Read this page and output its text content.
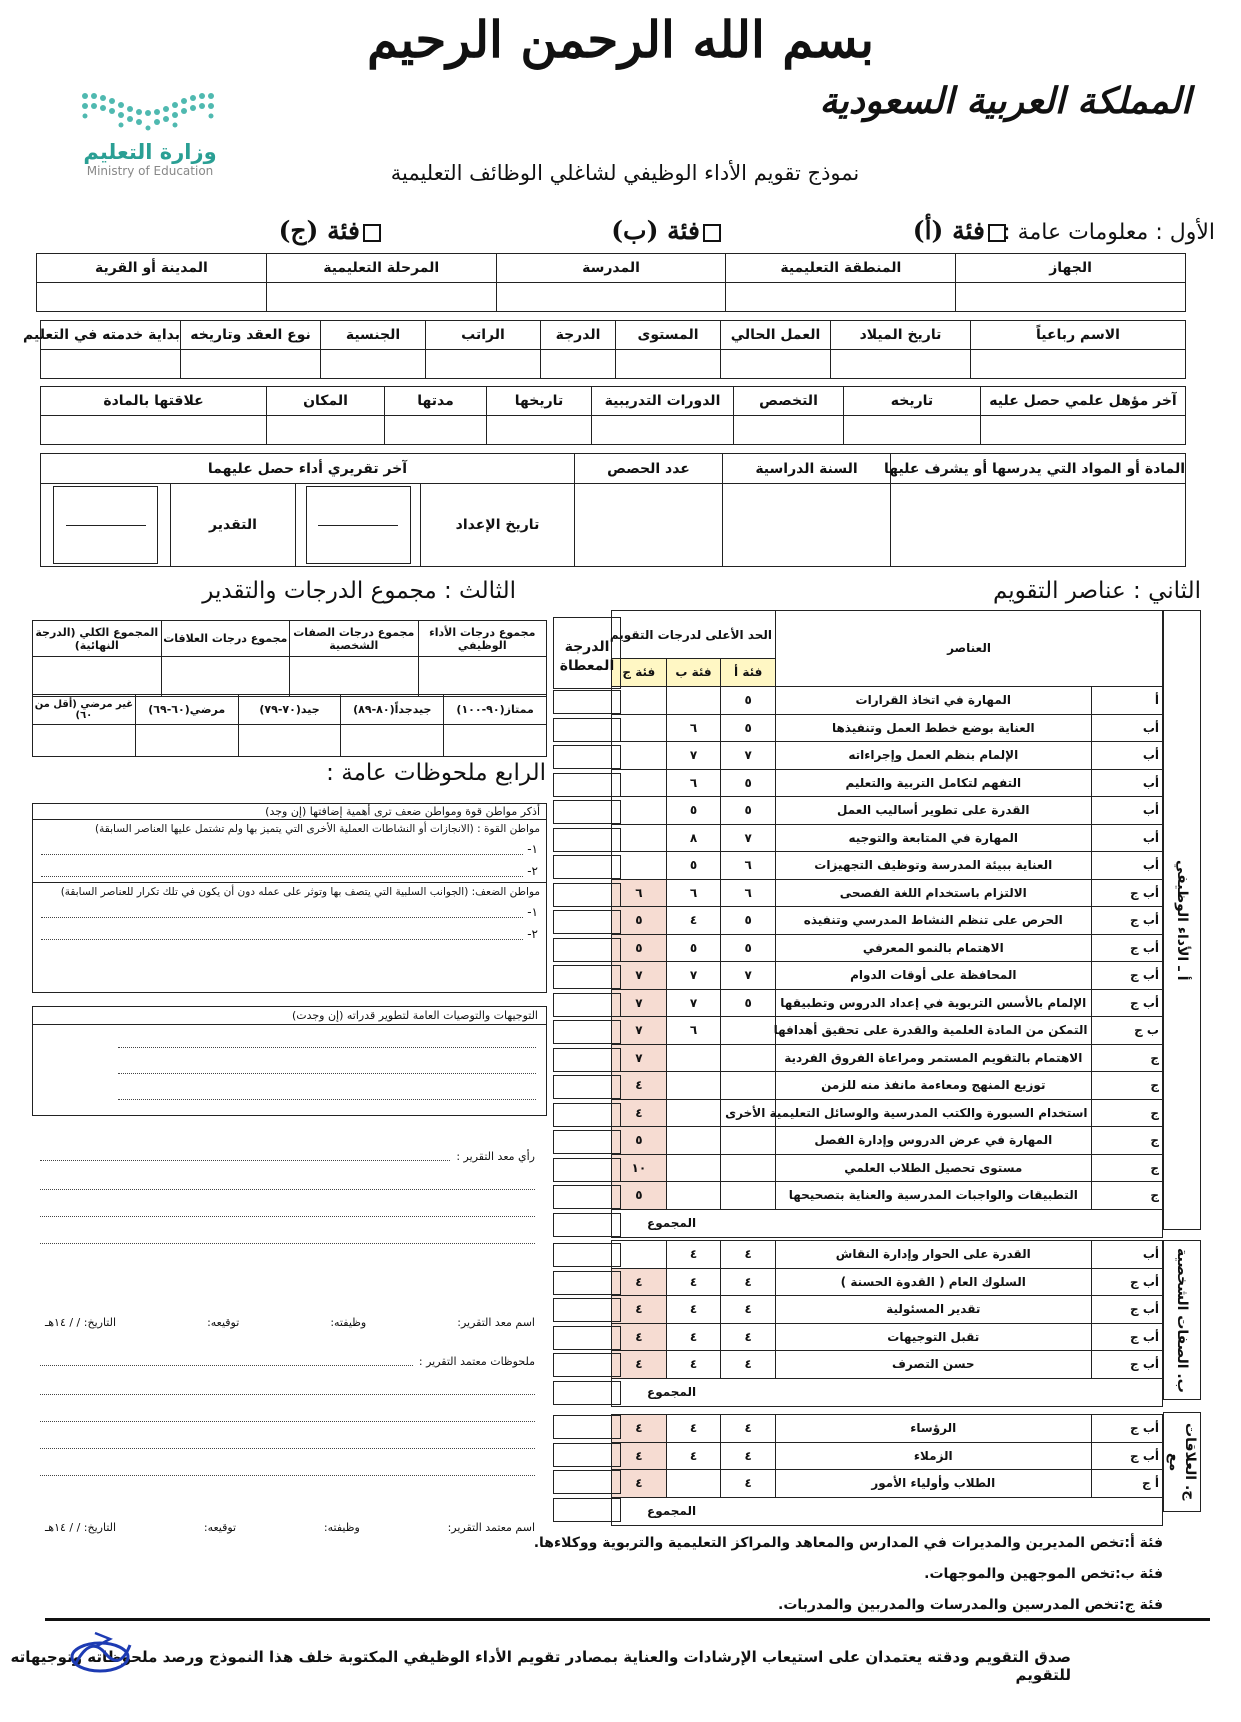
بسم الله الرحمن الرحيم
المملكة العربية السعودية
وزارة التعليم
Ministry of Education	نموذج تقويم الأداء الوظيفي لشاغلي الوظائف التعليمية
الأول : معلومات عامة :
فئة (أ)
فئة (ب)
فئة (ج)
الجهاز	المنطقة التعليمية	المدرسة	المرحلة التعليمية	المدينة أو القرية

الاسم رباعياً	تاريخ الميلاد	العمل الحالي	المستوى	الدرجة	الراتب	الجنسية	نوع العقد وتاريخه	بداية خدمته في التعليم

آخر مؤهل علمي حصل عليه	تاريخه	التخصص	الدورات التدريبية	تاريخها	مدتها	المكان	علاقتها بالمادة

المادة أو المواد التي يدرسها أو يشرف عليها	السنة الدراسية	عدد الحصص	آخر تقريري أداء حصل عليهما			
			تاريخ الإعداد		التقدير	
الثاني : عناصر التقويم
الثالث : مجموع الدرجات والتقدير
أ ـ الأداء الوظيفي
ب. الصفات الشخصية
ج. العلاقات مع
العناصر	الحد الأعلى لدرجات التقويم		
	فئة أ	فئة ب	فئة ج
أ	المهارة في اتخاذ القرارات	٥		
أب	العناية بوضع خطط العمل وتنفيذها	٥	٦	
أب	الإلمام بنظم العمل وإجراءاته	٧	٧	
أب	التفهم لتكامل التربية والتعليم	٥	٦	
أب	القدرة على تطوير أساليب العمل	٥	٥	
أب	المهارة في المتابعة والتوجيه	٧	٨	
أب	العناية ببيئة المدرسة وتوظيف التجهيزات	٦	٥	
أب ج	الالتزام باستخدام اللغة الفصحى	٦	٦	٦
أب ج	الحرص على تنظم النشاط المدرسي وتنفيذه	٥	٤	٥
أب ج	الاهتمام بالنمو المعرفي	٥	٥	٥
أب ج	المحافظة على أوقات الدوام	٧	٧	٧
أب ج	الإلمام بالأسس التربوية في إعداد الدروس وتطبيقها	٥	٧	٧
ب ج	التمكن من المادة العلمية والقدرة على تحقيق أهدافها		٦	٧
ج	الاهتمام بالتقويم المستمر ومراعاة الفروق الفردية			٧
ج	توزيع المنهج ومعاءمة مانفذ منه للزمن			٤
ج	استخدام السبورة والكتب المدرسية والوسائل التعليمية الأخرى			٤
ج	المهارة في عرض الدروس وإدارة الفصل			٥
ج	مستوى تحصيل الطلاب العلمي			١٠
ج	التطبيقات والواجبات المدرسية والعناية بتصحيحها			٥
المجموع
أب	القدرة على الحوار وإدارة النقاش	٤	٤	
أب ج	السلوك العام ( القدوة الحسنة )	٤	٤	٤
أب ج	تقدير المسئولية	٤	٤	٤
أب ج	تقبل التوجيهات	٤	٤	٤
أب ج	حسن التصرف	٤	٤	٤
المجموع
أب ج	الرؤساء	٤	٤	٤
أب ج	الزملاء	٤	٤	٤
أ ج	الطلاب وأولياء الأمور	٤		٤
المجموع
الدرجة المعطاة
مجموع درجات الأداء الوظيفي	مجموع درجات الصفات الشخصية	مجموع درجات العلاقات	المجموع الكلي (الدرجة النهائية)

ممتاز(٩٠-١٠٠)	جيدجداً(٨٠-٨٩)	جيد(٧٠-٧٩)	مرضي(٦٠-٦٩)	غير مرضي (أقل من ٦٠)

الرابع ملحوظات عامة :
أذكر مواطن قوة ومواطن ضعف ترى أهمية إضافتها (إن وجد)
مواطن القوة : (الانجازات أو النشاطات العملية الأخرى التي يتميز بها ولم تشتمل عليها العناصر السابقة)
١-
٢-
مواطن الضعف: (الجوانب السلبية التي يتصف بها وتوثر على عمله دون أن يكون في تلك تكرار للعناصر السابقة)
١-
٢-
التوجيهات والتوصيات العامة لتطوير قدراته (إن وجدت)
رأي معد التقرير :
اسم معد التقرير:
وظيفته:
توقيعه:
التاريخ: / / ١٤هـ
ملحوظات معتمد التقرير :
اسم معتمد التقرير:
وظيفته:
توقيعه:
التاريخ: / / ١٤هـ

فئة أ:تخص المديرين والمديرات في المدارس والمعاهد والمراكز التعليمية والتربوية ووكلاءها.

فئة ب:تخص الموجهين والموجهات.

فئة ج:تخص المدرسين والمدرسات والمدربين والمدربات.

صدق التقويم ودقته يعتمدان على استيعاب الإرشادات والعناية بمصادر تقويم الأداء الوظيفي المكتوبة خلف هذا النموذج ورصد ملحوظاته وتوجيهاته للتقويم
